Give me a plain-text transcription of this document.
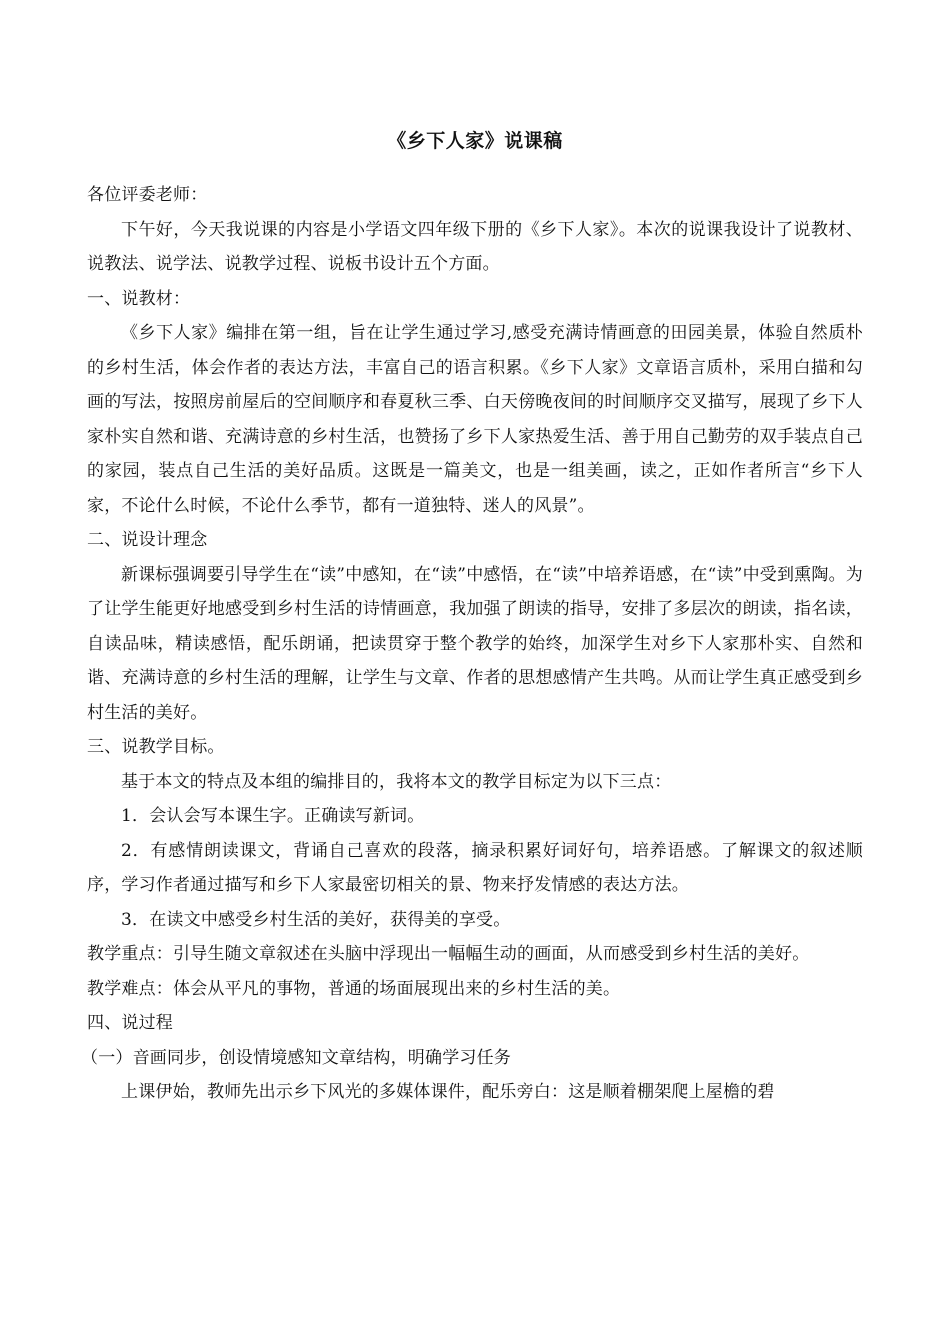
《乡下人家》说课稿

各位评委老师：

下午好，今天我说课的内容是小学语文四年级下册的《乡下人家》。本次的说课我设计了说教材、说教法、说学法、说教学过程、说板书设计五个方面。

一、说教材：

《乡下人家》编排在第一组，旨在让学生通过学习,感受充满诗情画意的田园美景，体验自然质朴的乡村生活，体会作者的表达方法，丰富自己的语言积累。《乡下人家》文章语言质朴，采用白描和勾画的写法，按照房前屋后的空间顺序和春夏秋三季、白天傍晚夜间的时间顺序交叉描写，展现了乡下人家朴实自然和谐、充满诗意的乡村生活，也赞扬了乡下人家热爱生活、善于用自己勤劳的双手装点自己的家园，装点自己生活的美好品质。这既是一篇美文，也是一组美画，读之，正如作者所言“乡下人家，不论什么时候，不论什么季节，都有一道独特、迷人的风景”。

二、说设计理念

新课标强调要引导学生在“读”中感知，在“读”中感悟，在“读”中培养语感，在“读”中受到熏陶。为了让学生能更好地感受到乡村生活的诗情画意，我加强了朗读的指导，安排了多层次的朗读，指名读，自读品味，精读感悟，配乐朗诵，把读贯穿于整个教学的始终，加深学生对乡下人家那朴实、自然和谐、充满诗意的乡村生活的理解，让学生与文章、作者的思想感情产生共鸣。从而让学生真正感受到乡村生活的美好。

三、说教学目标。

基于本文的特点及本组的编排目的，我将本文的教学目标定为以下三点：

1．会认会写本课生字。正确读写新词。

2．有感情朗读课文，背诵自己喜欢的段落，摘录积累好词好句，培养语感。了解课文的叙述顺序，学习作者通过描写和乡下人家最密切相关的景、物来抒发情感的表达方法。

3．在读文中感受乡村生活的美好，获得美的享受。

教学重点：引导生随文章叙述在头脑中浮现出一幅幅生动的画面，从而感受到乡村生活的美好。

教学难点：体会从平凡的事物，普通的场面展现出来的乡村生活的美。

四、说过程

（一）音画同步，创设情境感知文章结构，明确学习任务

上课伊始，教师先出示乡下风光的多媒体课件，配乐旁白：这是顺着棚架爬上屋檐的碧
